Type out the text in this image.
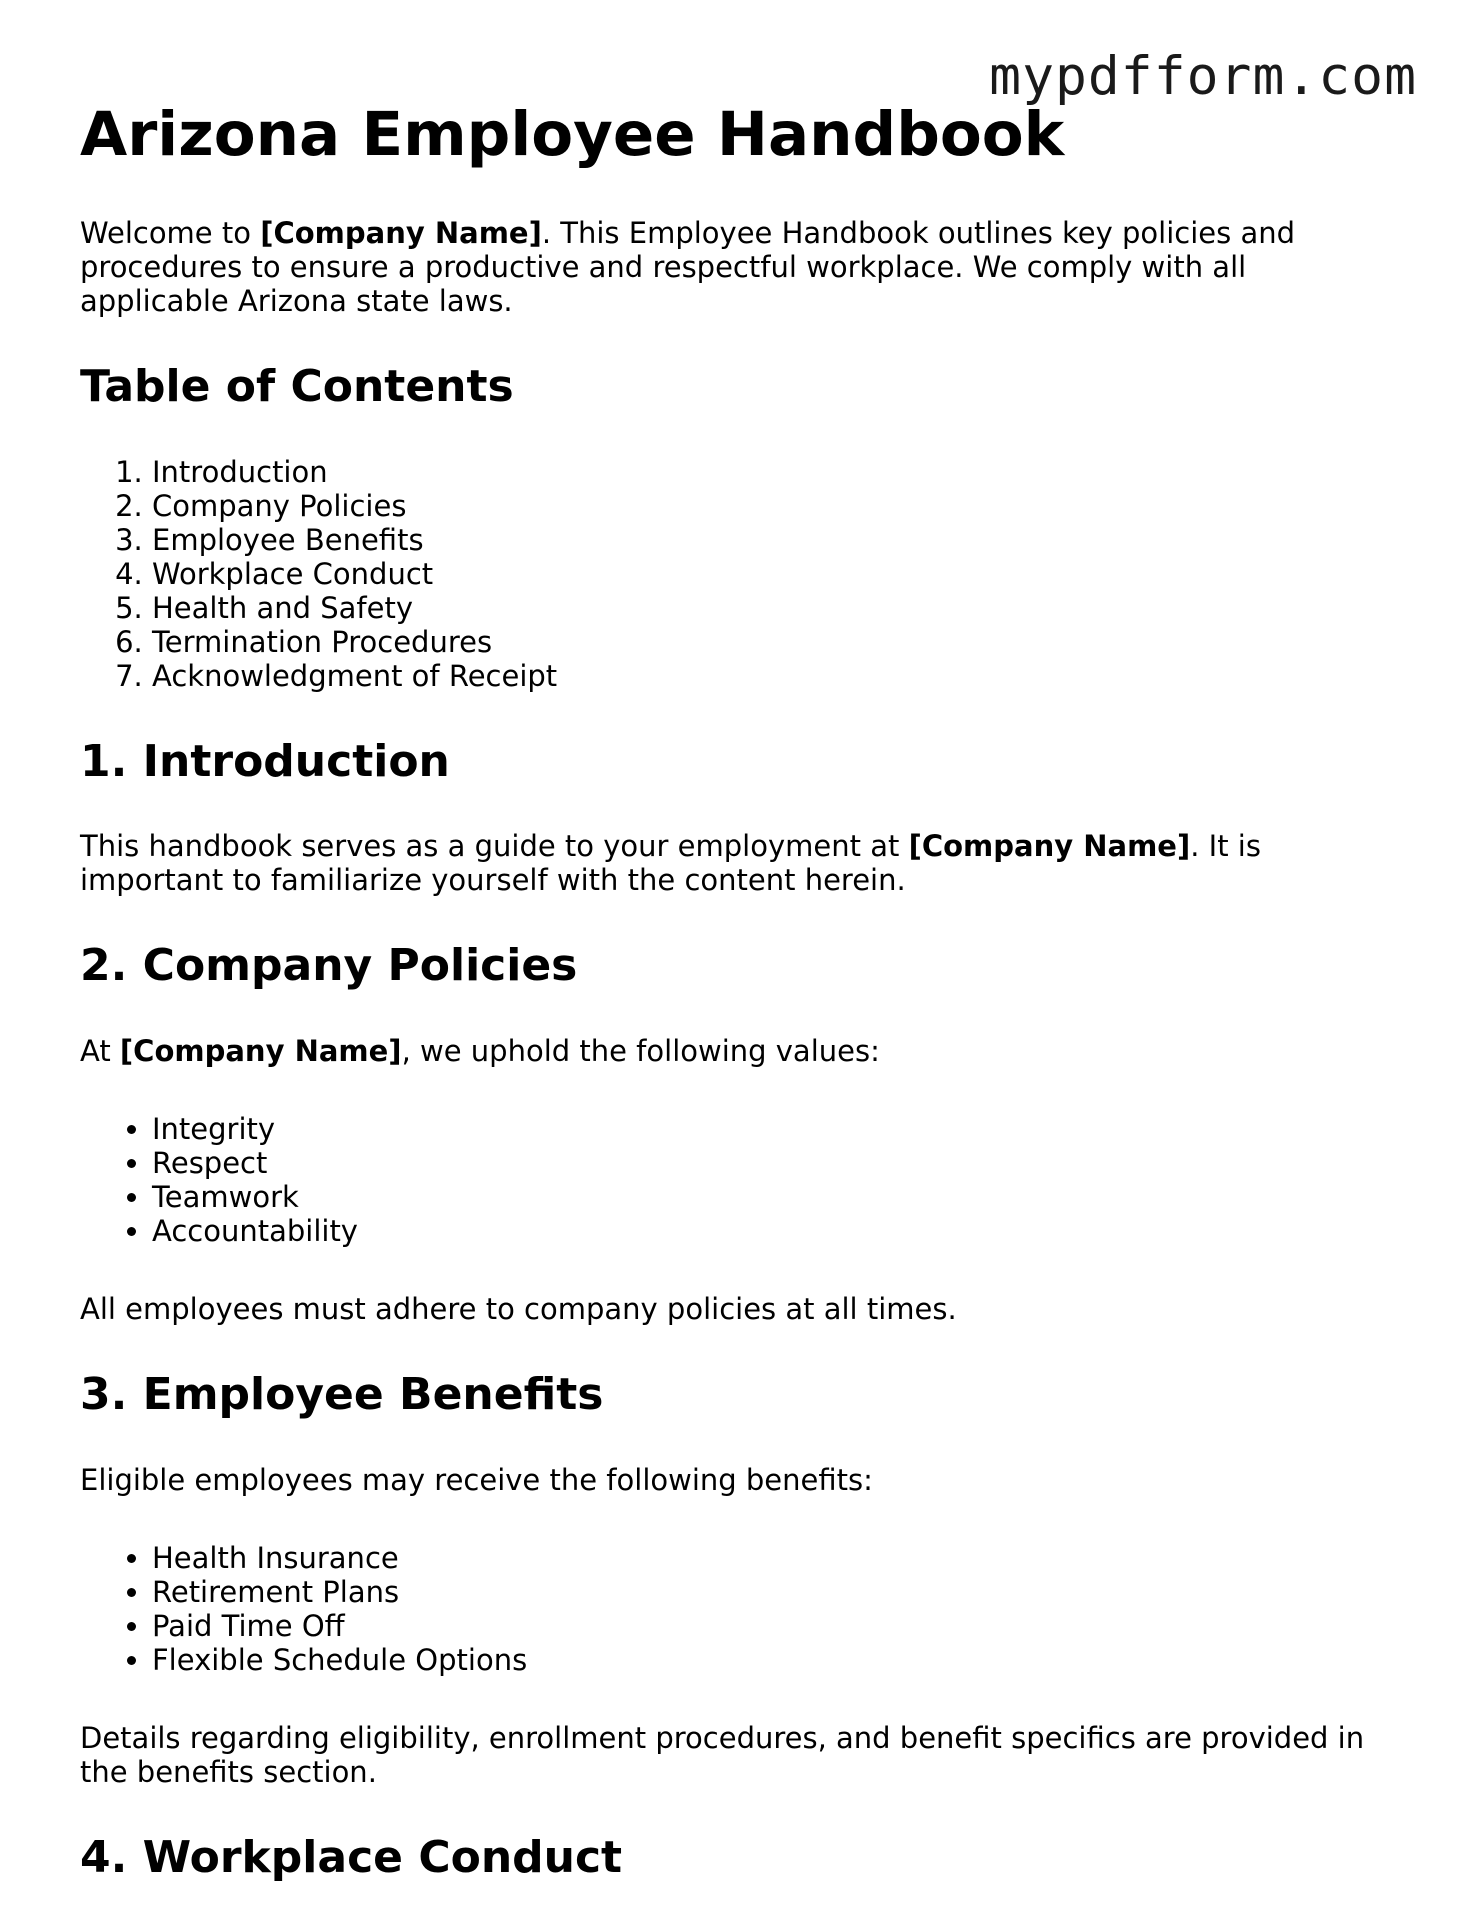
mypdfform.com
Arizona Employee Handbook

Welcome to [Company Name]. This Employee Handbook outlines key policies and procedures to ensure a productive and respectful workplace. We comply with all applicable Arizona state laws.

Table of Contents
1. Introduction
2. Company Policies
3. Employee Benefits
4. Workplace Conduct
5. Health and Safety
6. Termination Procedures
7. Acknowledgment of Receipt
1. Introduction

This handbook serves as a guide to your employment at [Company Name]. It is important to familiarize yourself with the content herein.

2. Company Policies

At [Company Name], we uphold the following values:

• Integrity
• Respect
• Teamwork
• Accountability

All employees must adhere to company policies at all times.

3. Employee Benefits

Eligible employees may receive the following benefits:

• Health Insurance
• Retirement Plans
• Paid Time Off
• Flexible Schedule Options

Details regarding eligibility, enrollment procedures, and benefit specifics are provided in the benefits section.

4. Workplace Conduct
